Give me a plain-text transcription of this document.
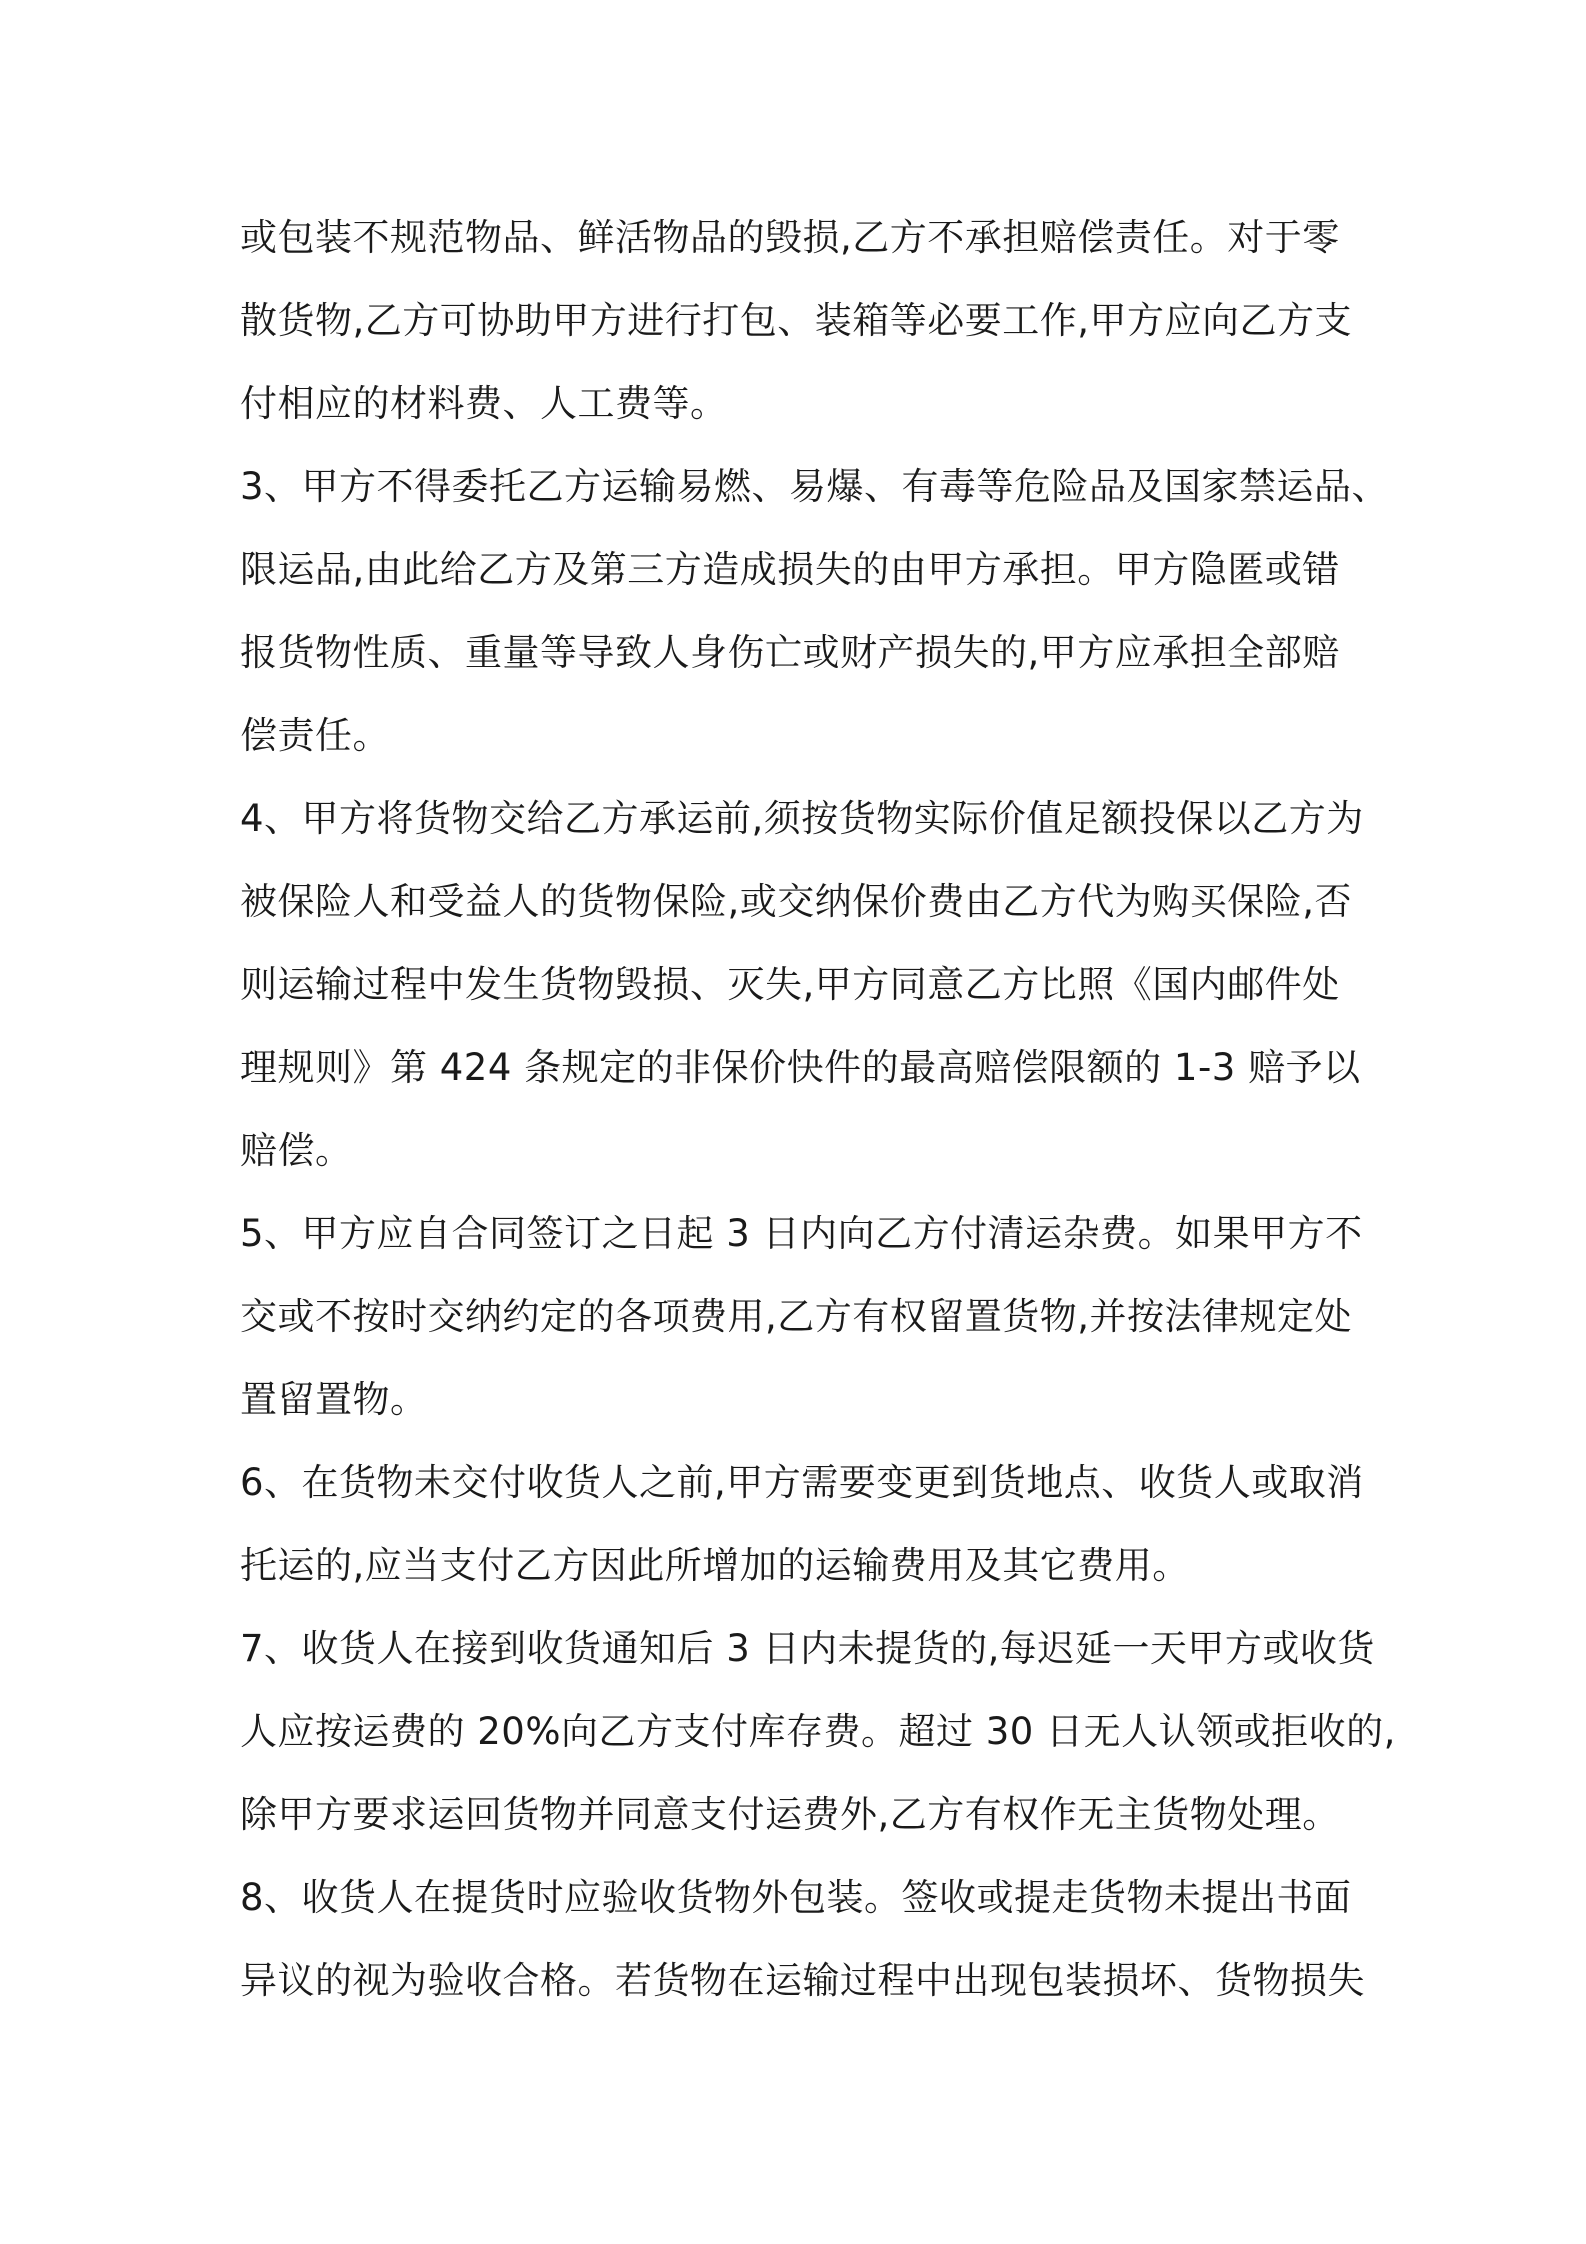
或包装不规范物品、鲜活物品的毁损,乙方不承担赔偿责任。对于零
散货物,乙方可协助甲方进行打包、装箱等必要工作,甲方应向乙方支
付相应的材料费、人工费等。
3、甲方不得委托乙方运输易燃、易爆、有毒等危险品及国家禁运品、
限运品,由此给乙方及第三方造成损失的由甲方承担。甲方隐匿或错
报货物性质、重量等导致人身伤亡或财产损失的,甲方应承担全部赔
偿责任。
4、甲方将货物交给乙方承运前,须按货物实际价值足额投保以乙方为
被保险人和受益人的货物保险,或交纳保价费由乙方代为购买保险,否
则运输过程中发生货物毁损、灭失,甲方同意乙方比照《国内邮件处
理规则》第 424 条规定的非保价快件的最高赔偿限额的 1-3 赔予以
赔偿。
5、甲方应自合同签订之日起 3 日内向乙方付清运杂费。如果甲方不
交或不按时交纳约定的各项费用,乙方有权留置货物,并按法律规定处
置留置物。
6、在货物未交付收货人之前,甲方需要变更到货地点、收货人或取消
托运的,应当支付乙方因此所增加的运输费用及其它费用。
7、收货人在接到收货通知后 3 日内未提货的,每迟延一天甲方或收货
人应按运费的 20%向乙方支付库存费。超过 30 日无人认领或拒收的,
除甲方要求运回货物并同意支付运费外,乙方有权作无主货物处理。
8、收货人在提货时应验收货物外包装。签收或提走货物未提出书面
异议的视为验收合格。若货物在运输过程中出现包装损坏、货物损失
